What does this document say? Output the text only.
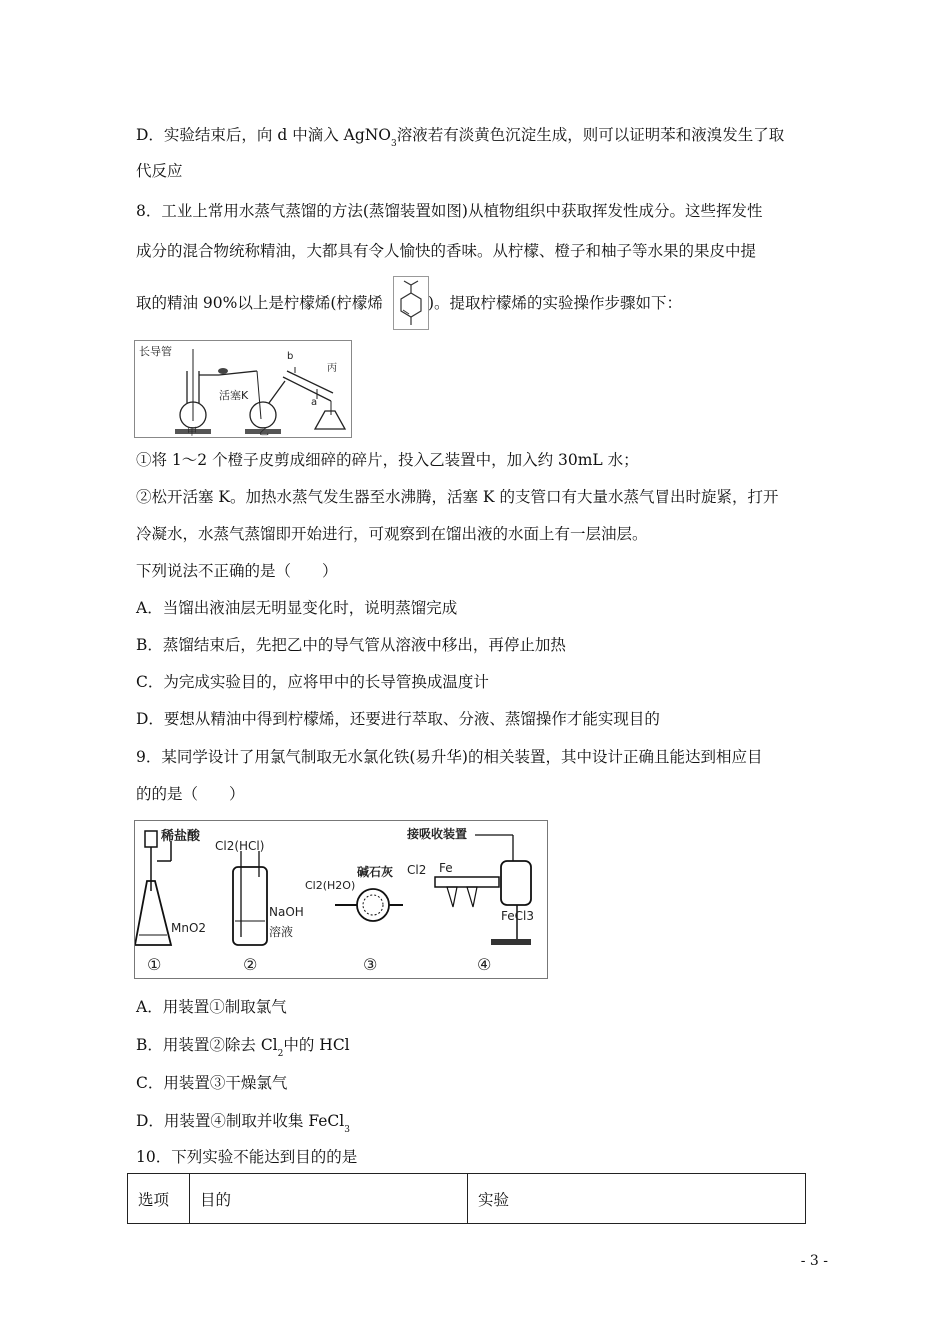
D．实验结束后，向 d 中滴入 AgNO$_3$溶液若有淡黄色沉淀生成，则可以证明苯和液溴发生了取
代反应
8．工业上常用水蒸气蒸馏的方法(蒸馏装置如图)从植物组织中获取挥发性成分。这些挥发性
成分的混合物统称精油，大都具有令人愉快的香味。从柠檬、橙子和柚子等水果的果皮中提
取的精油 90%以上是柠檬烯(柠檬烯	)。提取柠檬烯的实验操作步骤如下：
长导管
活塞K
甲	乙
丙
b
a
①将 1～2 个橙子皮剪成细碎的碎片，投入乙装置中，加入约 30mL 水；
②松开活塞 K。加热水蒸气发生器至水沸腾，活塞 K 的支管口有大量水蒸气冒出时旋紧，打开
冷凝水，水蒸气蒸馏即开始进行，可观察到在馏出液的水面上有一层油层。
下列说法不正确的是（　　）
A．当馏出液油层无明显变化时，说明蒸馏完成
B．蒸馏结束后，先把乙中的导气管从溶液中移出，再停止加热
C．为完成实验目的，应将甲中的长导管换成温度计
D．要想从精油中得到柠檬烯，还要进行萃取、分液、蒸馏操作才能实现目的
9．某同学设计了用氯气制取无水氯化铁(易升华)的相关装置，其中设计正确且能达到相应目
的的是（　　）
稀盐酸
MnO2
Cl2(HCl)
NaOH
溶液
Cl2(H2O)
碱石灰 Cl2 Fe
接吸收装置
FeCl3
①	②	③	④
A．用装置①制取氯气
B．用装置②除去 $Cl_2$中的 HCl
C．用装置③干燥氯气
D．用装置④制取并收集 FeCl$_3$
10．下列实验不能达到目的的是
选项	目的	实验
- 3 -
